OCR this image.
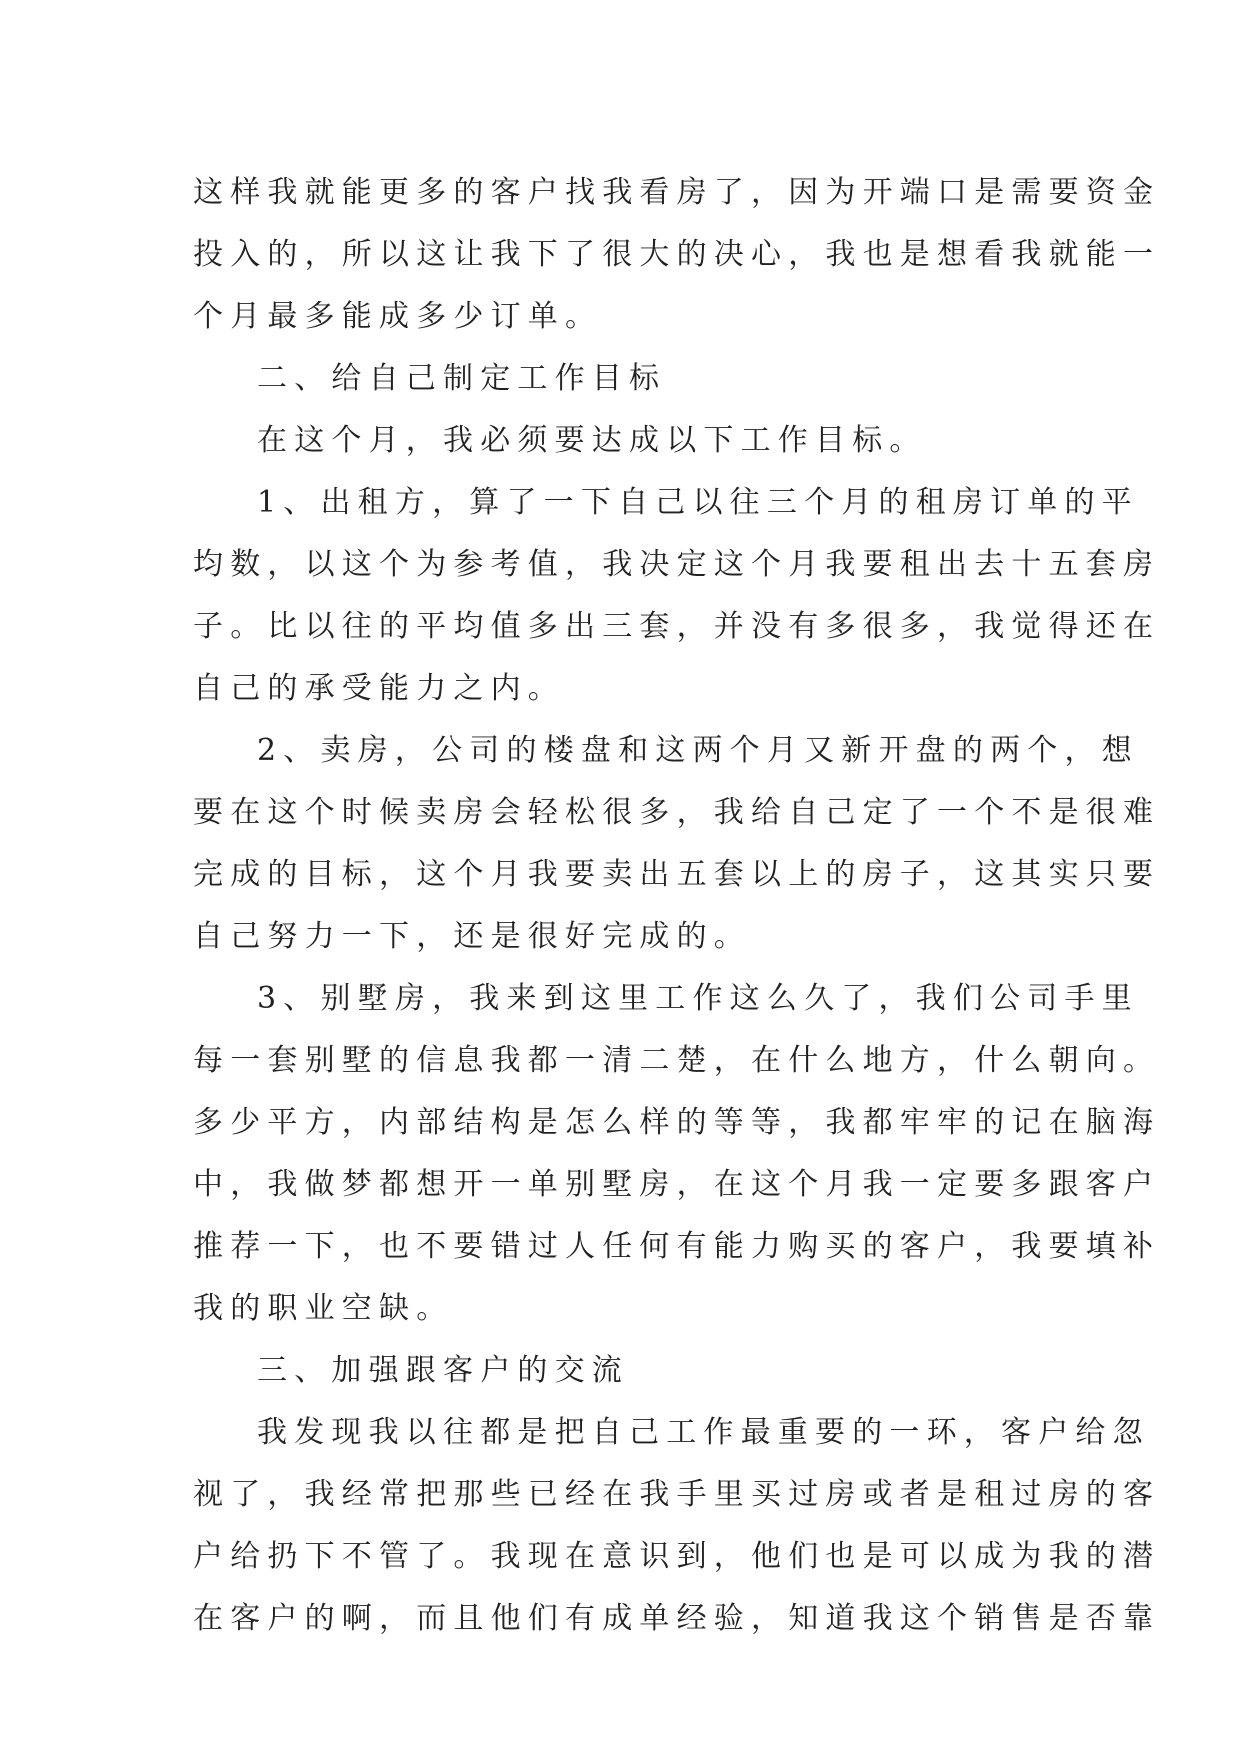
这样我就能更多的客户找我看房了，因为开端口是需要资金
投入的，所以这让我下了很大的决心，我也是想看我就能一
个月最多能成多少订单。

二、给自己制定工作目标

在这个月，我必须要达成以下工作目标。

1、出租方，算了一下自己以往三个月的租房订单的平
均数，以这个为参考值，我决定这个月我要租出去十五套房
子。比以往的平均值多出三套，并没有多很多，我觉得还在
自己的承受能力之内。

2、卖房，公司的楼盘和这两个月又新开盘的两个，想
要在这个时候卖房会轻松很多，我给自己定了一个不是很难
完成的目标，这个月我要卖出五套以上的房子，这其实只要
自己努力一下，还是很好完成的。

3、别墅房，我来到这里工作这么久了，我们公司手里
每一套别墅的信息我都一清二楚，在什么地方，什么朝向。
多少平方，内部结构是怎么样的等等，我都牢牢的记在脑海
中，我做梦都想开一单别墅房，在这个月我一定要多跟客户
推荐一下，也不要错过人任何有能力购买的客户，我要填补
我的职业空缺。

三、加强跟客户的交流

我发现我以往都是把自己工作最重要的一环，客户给忽
视了，我经常把那些已经在我手里买过房或者是租过房的客
户给扔下不管了。我现在意识到，他们也是可以成为我的潜
在客户的啊，而且他们有成单经验，知道我这个销售是否靠
